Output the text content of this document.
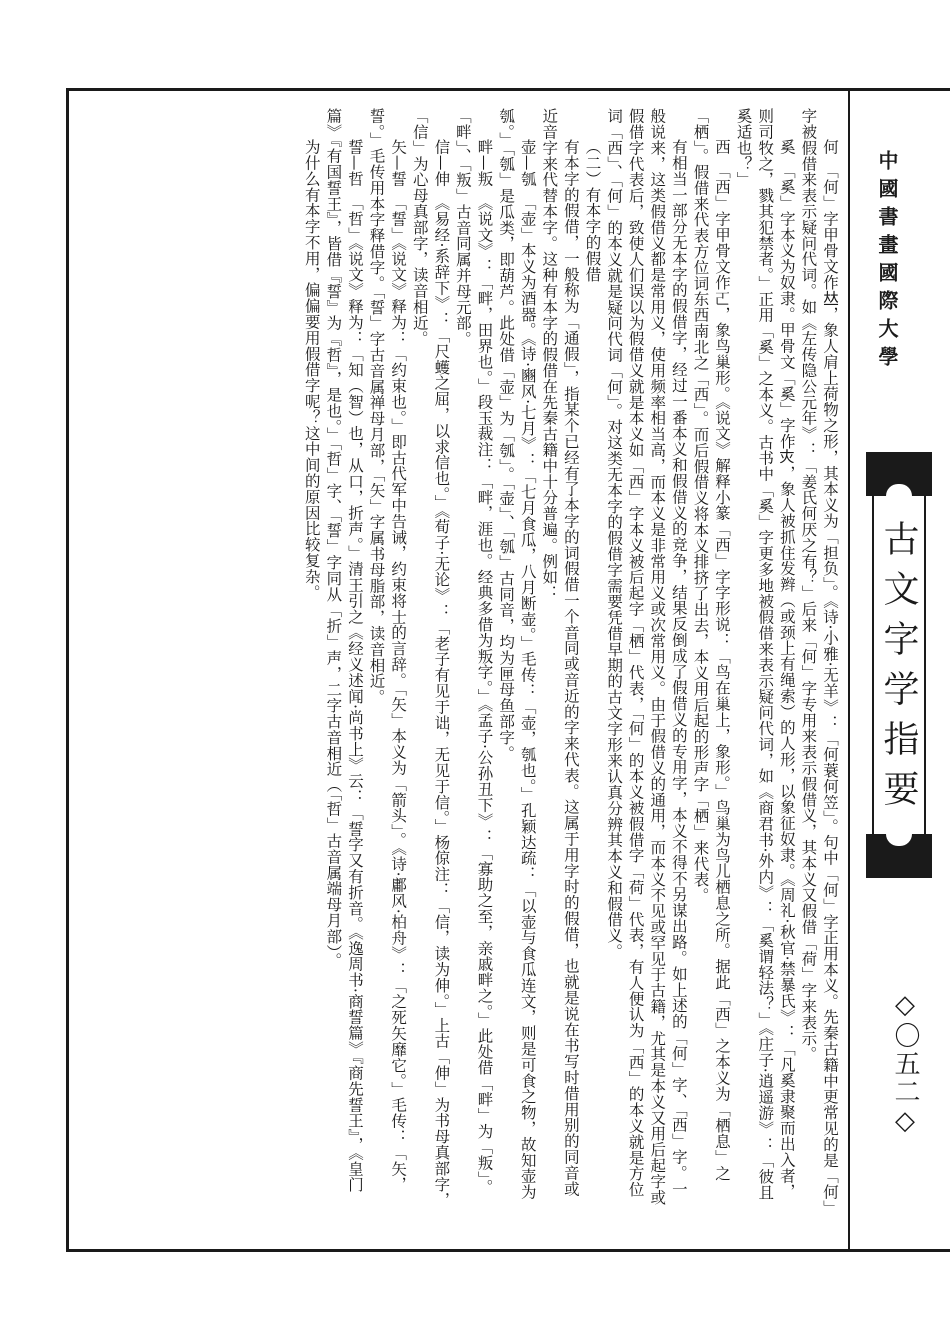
中國書畫國際大學
古文字学指要
◇〇五二◇

何　「何」字甲骨文作𠀤，象人肩上荷物之形，其本义为「担负」。《诗·小雅·无羊》：「何蓑何笠」。句中「何」字正用本义。先秦古籍中更常见的是「何」字被假借来表示疑问代词。如《左传隐公元年》：「姜氏何厌之有？」后来「何」字专用来表示假借义，其本义又假借「荷」字来表示。

奚　「奚」字本义为奴隶。甲骨文「奚」字作𡗜，象人被抓住发辫（或颈上有绳索）的人形，以象征奴隶。《周礼·秋官·禁暴氏》：「凡奚隶聚而出入者，则司牧之，戮其犯禁者。」正用「奚」之本义。古书中「奚」字更多地被假借来表示疑问代词，如《商君书·外内》：「奚谓轻法？」《庄子·逍遥游》：「彼且奚适也？」

西　「西」字甲骨文作𠀀，象鸟巢形。《说文》解释小篆「西」字字形说：「鸟在巢上，象形。」鸟巢为鸟儿栖息之所。据此「西」之本义为「栖息」之「栖」。假借来代表方位词东西南北之「西」。而后假借义将本义排挤了出去，本义用后起的形声字「栖」来代表。

有相当一部分无本字的假借字，经过一番本义和假借义的竞争，结果反倒成了假借义的专用字，本义不得不另谋出路。如上述的「何」字、「西」字。一般说来，这类假借义都是常用义，使用频率相当高，而本义是非常用义或次常用义。由于假借义的通用，而本义不见或罕见于古籍，尤其是本义又用后起字或假借字代表后，致使人们误以为假借义就是本义如「西」字本义被后起字「栖」代表，「何」的本义被假借字「荷」代表，有人便认为「西」的本义就是方位词「西」、「何」的本义就是疑问代词「何」。对这类无本字的假借字需要凭借早期的古文字形来认真分辨其本义和假借义。

（二）有本字的假借

有本字的假借，一般称为「通假」，指某个已经有了本字的词假借一个音同或音近的字来代表。这属于用字时的假借，也就是说在书写时借用别的同音或近音字来代替本字。这种有本字的假借在先秦古籍中十分普遍。例如：

壶—瓠　「壶」本义为酒器。《诗·豳风·七月》：「七月食瓜，八月断壶。」毛传：「壶，瓠也。」孔颖达疏：「以壶与食瓜连文，则是可食之物，故知壶为瓠。」「瓠」是瓜类，即葫芦。此处借「壶」为「瓠」。「壶」、「瓠」古同音，均为匣母鱼部字。

畔—叛　《说文》：「畔，田界也。」段玉裁注：「畔，涯也。经典多借为叛字。」《孟子·公孙丑下》：「寡助之至，亲戚畔之。」此处借「畔」为「叛」。「畔」、「叛」古音同属并母元部。

信—伸　《易经·系辞下》：「尺蠖之屈，以求信也。」《荀子·无论》：「老子有见于诎，无见于信。」杨倞注：「信，读为伸。」上古「伸」为书母真部字，「信」为心母真部字，读音相近。

矢—誓　「誓」《说文》释为：「约束也。」即古代军中告诫，约束将士的言辞。「矢」本义为「箭头」。《诗·鄘风·柏舟》：「之死矢靡它。」毛传：「矢，誓。」毛传用本字释借字。「誓」字古音属禅母月部，「矢」字属书母脂部，读音相近。

誓—哲　「哲」《说文》释为：「知（智）也，从口，折声。」清王引之《经义述闻·尚书上》云：「誓字又有折音。《逸周书·商誓篇》『商先誓王』，《皇门篇》『有国誓王』，皆借『誓』为『哲』，是也。」「哲」字、「誓」字同从「折」声，二字古音相近（「哲」古音属端母月部）。

为什么有本字不用，偏偏要用假借字呢？这中间的原因比较复杂。
